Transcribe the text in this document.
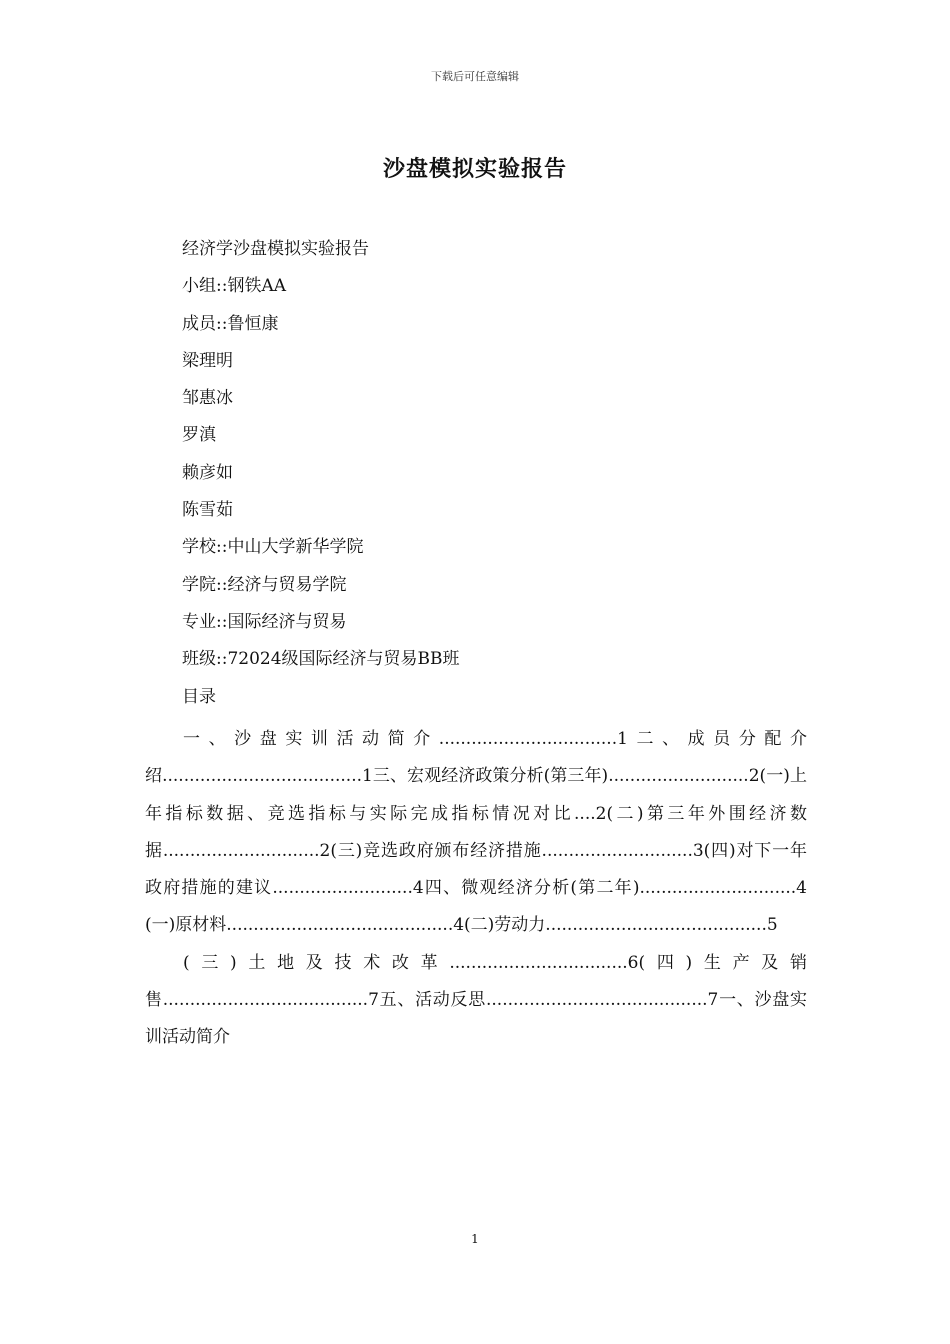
下载后可任意编辑
沙盘模拟实验报告
经济学沙盘模拟实验报告
小组::钢铁AA
成员::鲁恒康
梁理明
邹惠冰
罗滇
赖彦如
陈雪茹
学校::中山大学新华学院
学院::经济与贸易学院
专业::国际经济与贸易
班级::72024级国际经济与贸易BB班
目录

一、沙盘实训活动简介.................................1二、成员分配介绍.....................................1三、宏观经济政策分析(第三年)..........................2(一)上年指标数据、竞选指标与实际完成指标情况对比....2(二)第三年外围经济数据.............................2(三)竞选政府颁布经济措施............................3(四)对下一年政府措施的建议..........................4四、微观经济分析(第二年).............................4(一)原材料..........................................4(二)劳动力.........................................5

(三)土地及技术改革.................................6(四)生产及销售......................................7五、活动反思.........................................7一、沙盘实训活动简介

1
